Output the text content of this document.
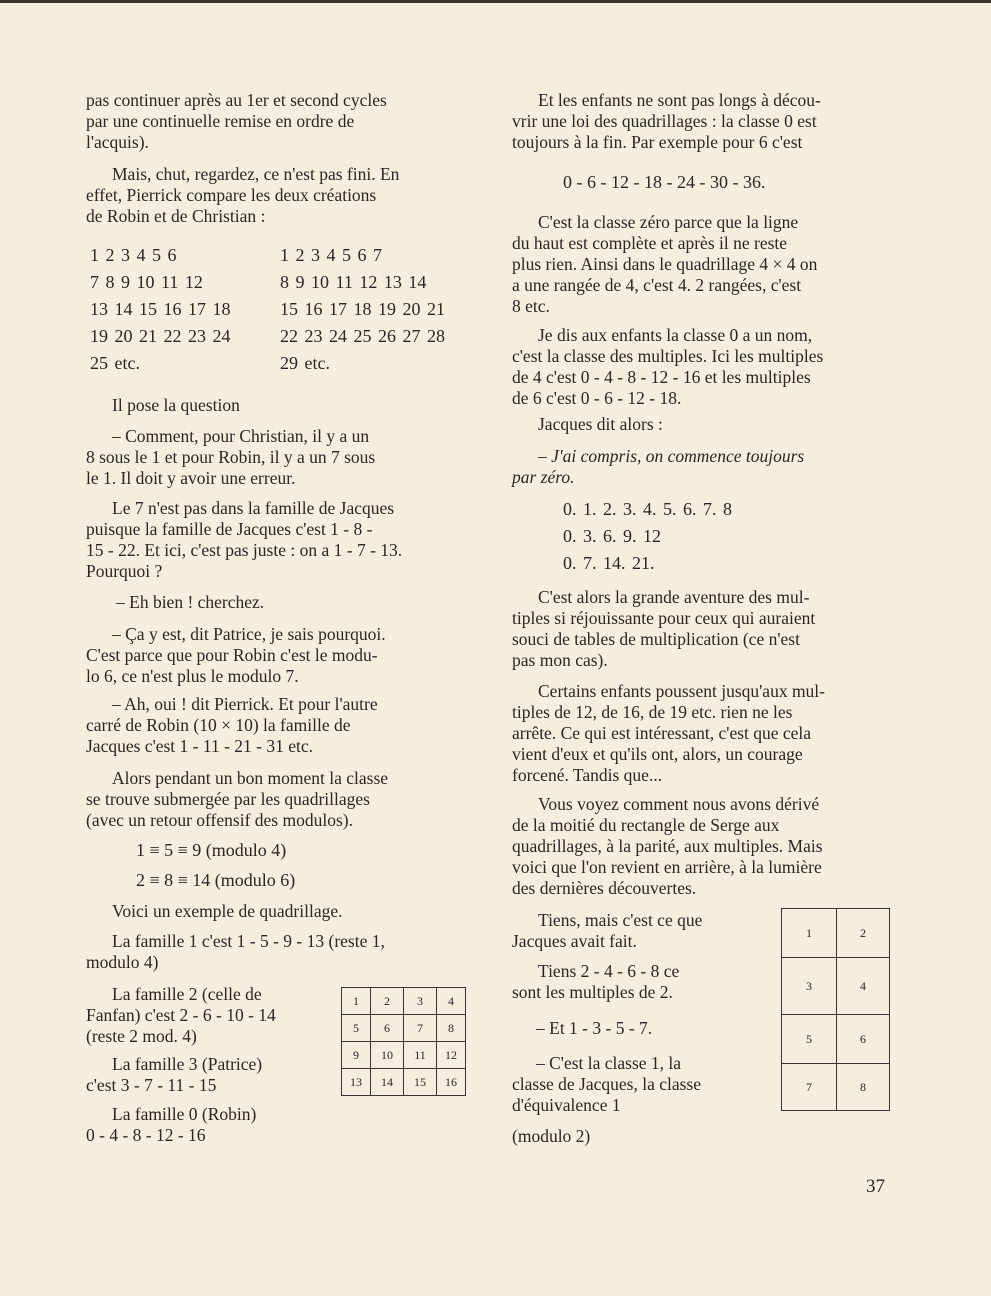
pas continuer après au 1er et second cycles
par une continuelle remise en ordre de
l'acquis).
Mais, chut, regardez, ce n'est pas fini. En
effet, Pierrick compare les deux créations
de Robin et de Christian :
1 2 3 4 5 6
7 8 9 10 11 12
13 14 15 16 17 18
19 20 21 22 23 24
25 etc.
1 2 3 4 5 6 7
8 9 10 11 12 13 14
15 16 17 18 19 20 21
22 23 24 25 26 27 28
29 etc.
Il pose la question
– Comment, pour Christian, il y a un
8 sous le 1 et pour Robin, il y a un 7 sous
le 1. Il doit y avoir une erreur.
Le 7 n'est pas dans la famille de Jacques
puisque la famille de Jacques c'est 1 - 8 -
15 - 22. Et ici, c'est pas juste : on a 1 - 7 - 13.
Pourquoi ?
– Eh bien ! cherchez.
– Ça y est, dit Patrice, je sais pourquoi.
C'est parce que pour Robin c'est le modu-
lo 6, ce n'est plus le modulo 7.
– Ah, oui ! dit Pierrick. Et pour l'autre
carré de Robin (10 × 10) la famille de
Jacques c'est 1 - 11 - 21 - 31 etc.
Alors pendant un bon moment la classe
se trouve submergée par les quadrillages
(avec un retour offensif des modulos).
1 ≡ 5 ≡ 9 (modulo 4)
2 ≡ 8 ≡ 14 (modulo 6)
Voici un exemple de quadrillage.
La famille 1 c'est 1 - 5 - 9 - 13 (reste 1,
modulo 4)
La famille 2 (celle de
Fanfan) c'est 2 - 6 - 10 - 14
(reste 2 mod. 4)
La famille 3 (Patrice)
c'est 3 - 7 - 11 - 15
La famille 0 (Robin)
0 - 4 - 8 - 12 - 16
1	2	3	4
5	6	7	8
9	10	11	12
13	14	15	16
Et les enfants ne sont pas longs à décou-
vrir une loi des quadrillages : la classe 0 est
toujours à la fin. Par exemple pour 6 c'est
0 - 6 - 12 - 18 - 24 - 30 - 36.
C'est la classe zéro parce que la ligne
du haut est complète et après il ne reste
plus rien. Ainsi dans le quadrillage 4 × 4 on
a une rangée de 4, c'est 4. 2 rangées, c'est
8 etc.
Je dis aux enfants la classe 0 a un nom,
c'est la classe des multiples. Ici les multiples
de 4 c'est 0 - 4 - 8 - 12 - 16 et les multiples
de 6 c'est 0 - 6 - 12 - 18.
Jacques dit alors :
– J'ai compris, on commence toujours
par zéro.
0. 1. 2. 3. 4. 5. 6. 7. 8
0. 3. 6. 9. 12
0. 7. 14. 21.
C'est alors la grande aventure des mul-
tiples si réjouissante pour ceux qui auraient
souci de tables de multiplication (ce n'est
pas mon cas).
Certains enfants poussent jusqu'aux mul-
tiples de 12, de 16, de 19 etc. rien ne les
arrête. Ce qui est intéressant, c'est que cela
vient d'eux et qu'ils ont, alors, un courage
forcené. Tandis que...
Vous voyez comment nous avons dérivé
de la moitié du rectangle de Serge aux
quadrillages, à la parité, aux multiples. Mais
voici que l'on revient en arrière, à la lumière
des dernières découvertes.
Tiens, mais c'est ce que
Jacques avait fait.
Tiens 2 - 4 - 6 - 8 ce
sont les multiples de 2.
– Et 1 - 3 - 5 - 7.
– C'est la classe 1, la
classe de Jacques, la classe
d'équivalence 1
(modulo 2)
1	2
3	4
5	6
7	8
37
